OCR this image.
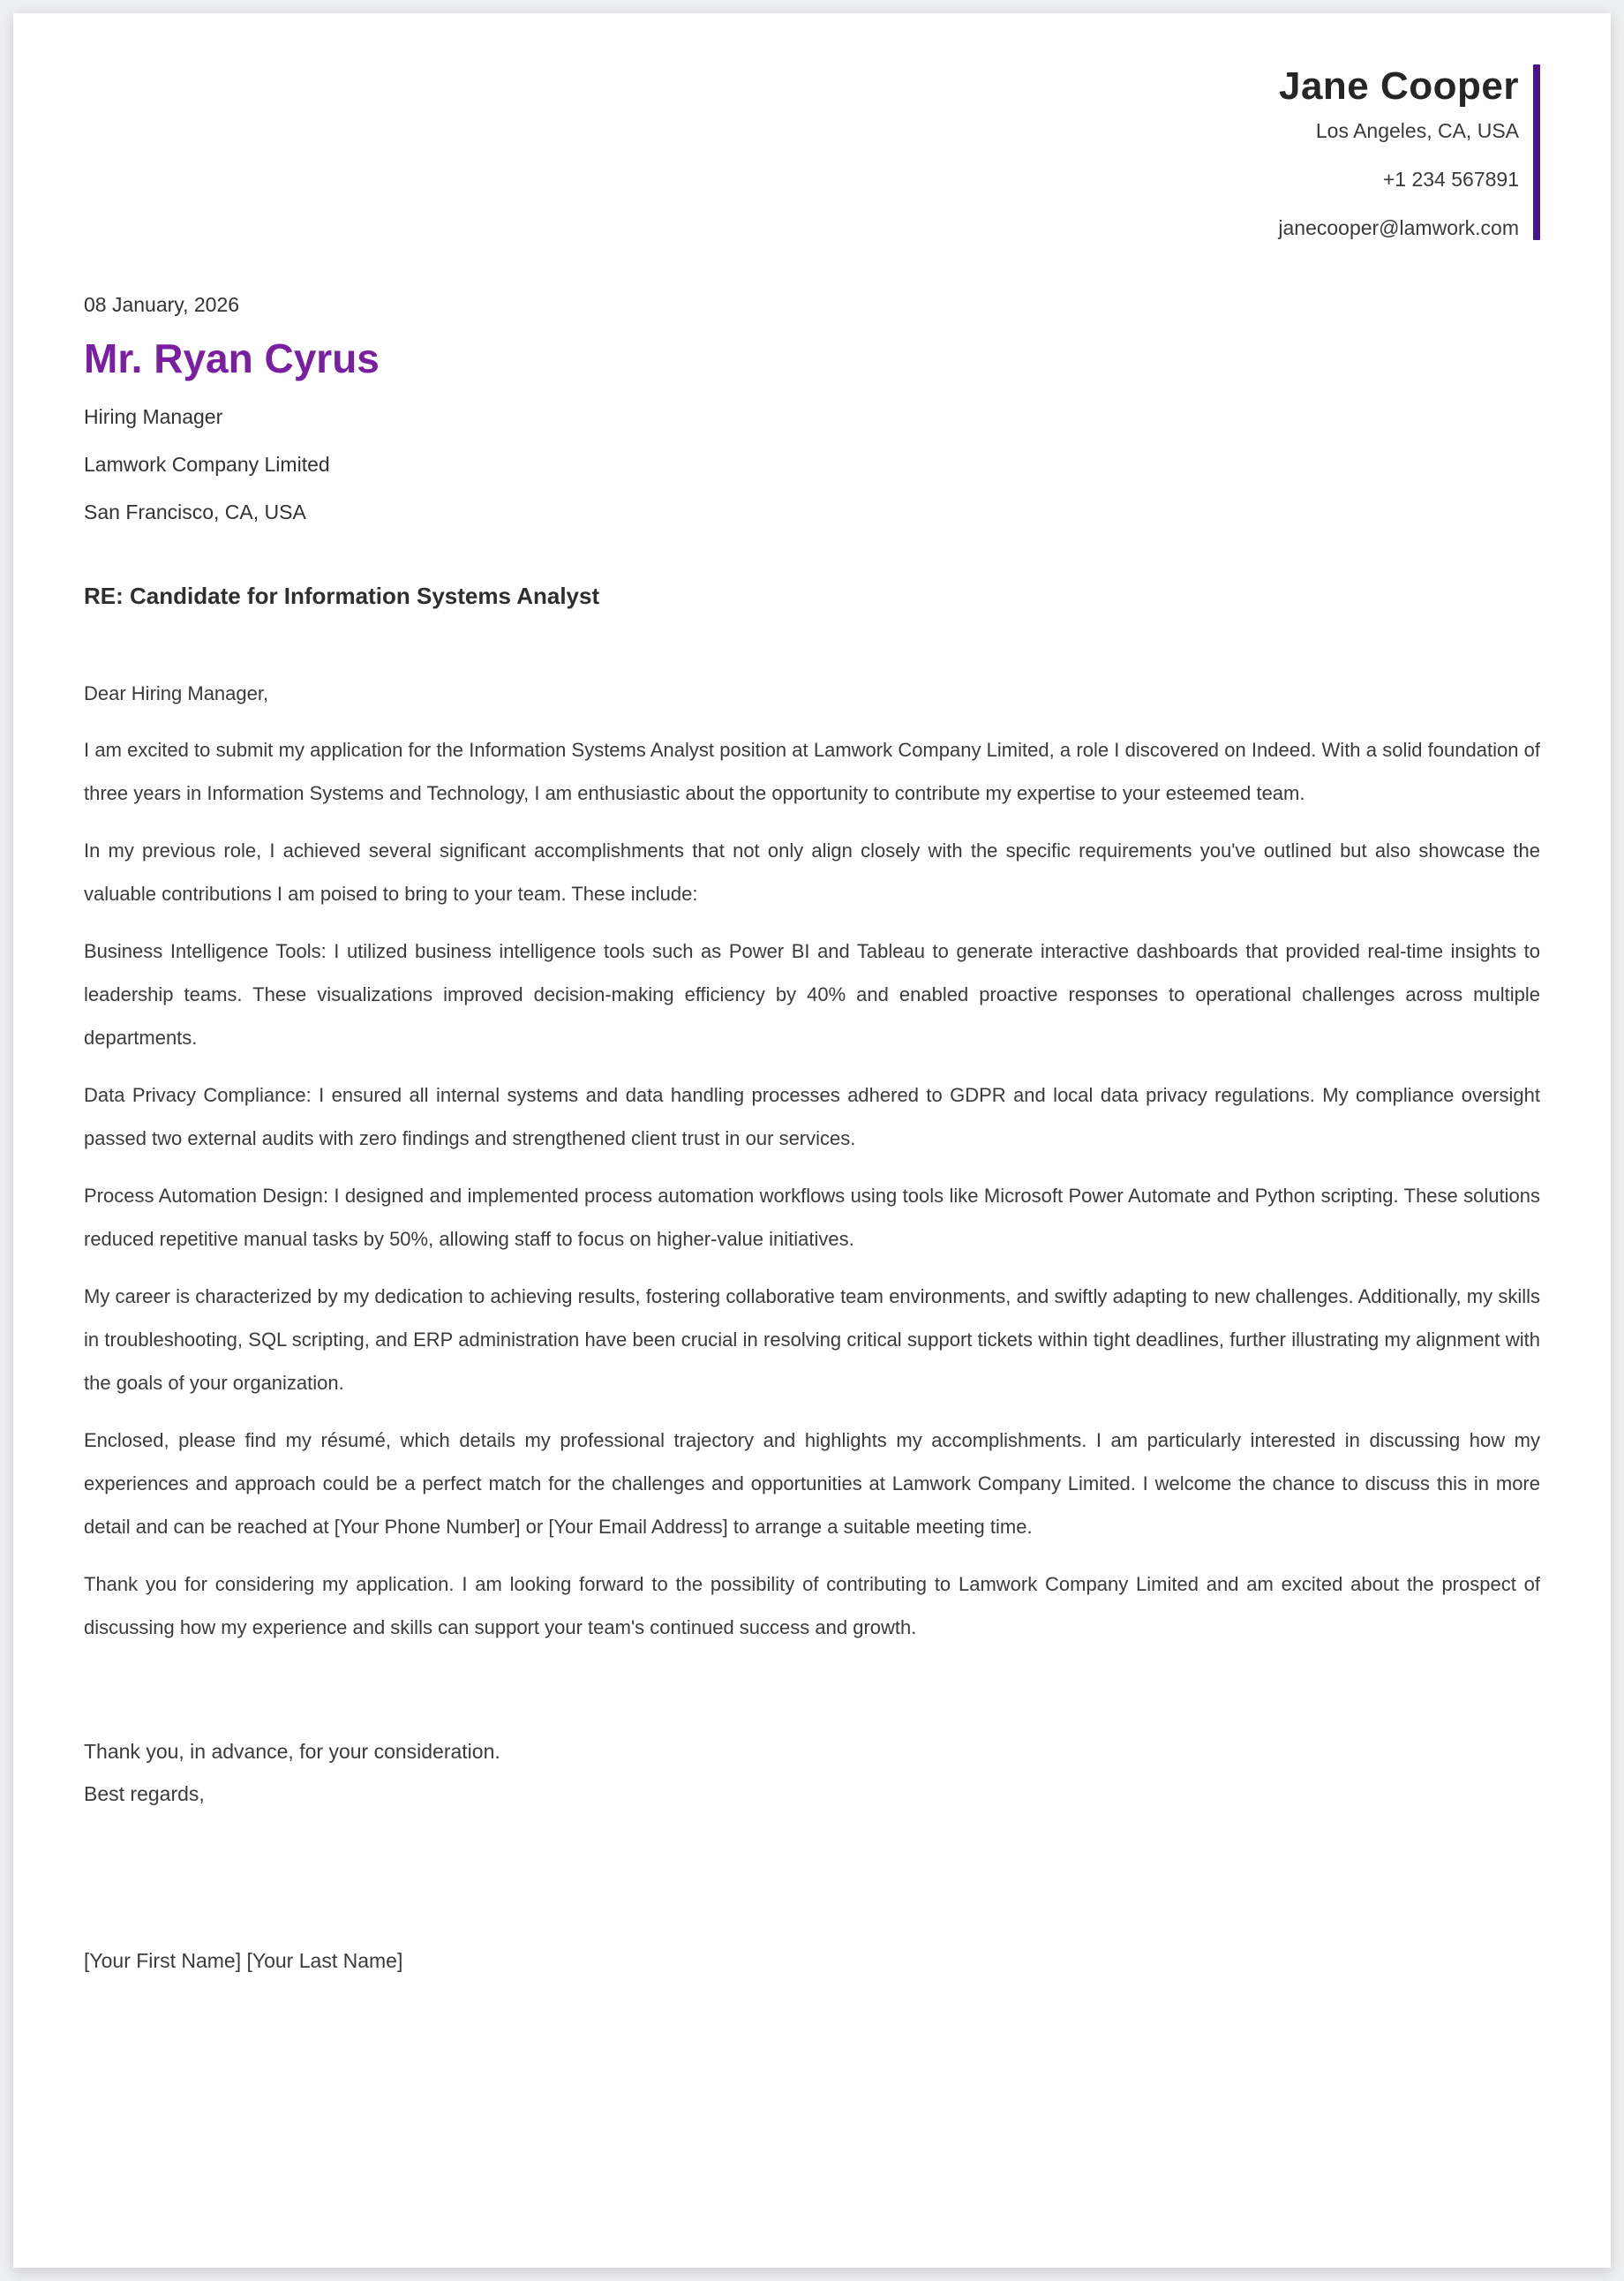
Jane Cooper
Los Angeles, CA, USA
+1 234 567891
janecooper@lamwork.com
08 January, 2026
Mr. Ryan Cyrus
Hiring Manager
Lamwork Company Limited
San Francisco, CA, USA
RE: Candidate for Information Systems Analyst
Dear Hiring Manager,

I am excited to submit my application for the Information Systems Analyst position at Lamwork Company Limited, a role I discovered on Indeed. With a solid foundation of three years in Information Systems and Technology, I am enthusiastic about the opportunity to contribute my expertise to your esteemed team.

In my previous role, I achieved several significant accomplishments that not only align closely with the specific requirements you've outlined but also showcase the valuable contributions I am poised to bring to your team. These include:

Business Intelligence Tools: I utilized business intelligence tools such as Power BI and Tableau to generate interactive dashboards that provided real-time insights to leadership teams. These visualizations improved decision-making efficiency by 40% and enabled proactive responses to operational challenges across multiple departments.

Data Privacy Compliance: I ensured all internal systems and data handling processes adhered to GDPR and local data privacy regulations. My compliance oversight passed two external audits with zero findings and strengthened client trust in our services.

Process Automation Design: I designed and implemented process automation workflows using tools like Microsoft Power Automate and Python scripting. These solutions reduced repetitive manual tasks by 50%, allowing staff to focus on higher-value initiatives.

My career is characterized by my dedication to achieving results, fostering collaborative team environments, and swiftly adapting to new challenges. Additionally, my skills in troubleshooting, SQL scripting, and ERP administration have been crucial in resolving critical support tickets within tight deadlines, further illustrating my alignment with the goals of your organization.

Enclosed, please find my résumé, which details my professional trajectory and highlights my accomplishments. I am particularly interested in discussing how my experiences and approach could be a perfect match for the challenges and opportunities at Lamwork Company Limited. I welcome the chance to discuss this in more detail and can be reached at [Your Phone Number] or [Your Email Address] to arrange a suitable meeting time.

Thank you for considering my application. I am looking forward to the possibility of contributing to Lamwork Company Limited and am excited about the prospect of discussing how my experience and skills can support your team's continued success and growth.

Thank you, in advance, for your consideration.
Best regards,
[Your First Name] [Your Last Name]
